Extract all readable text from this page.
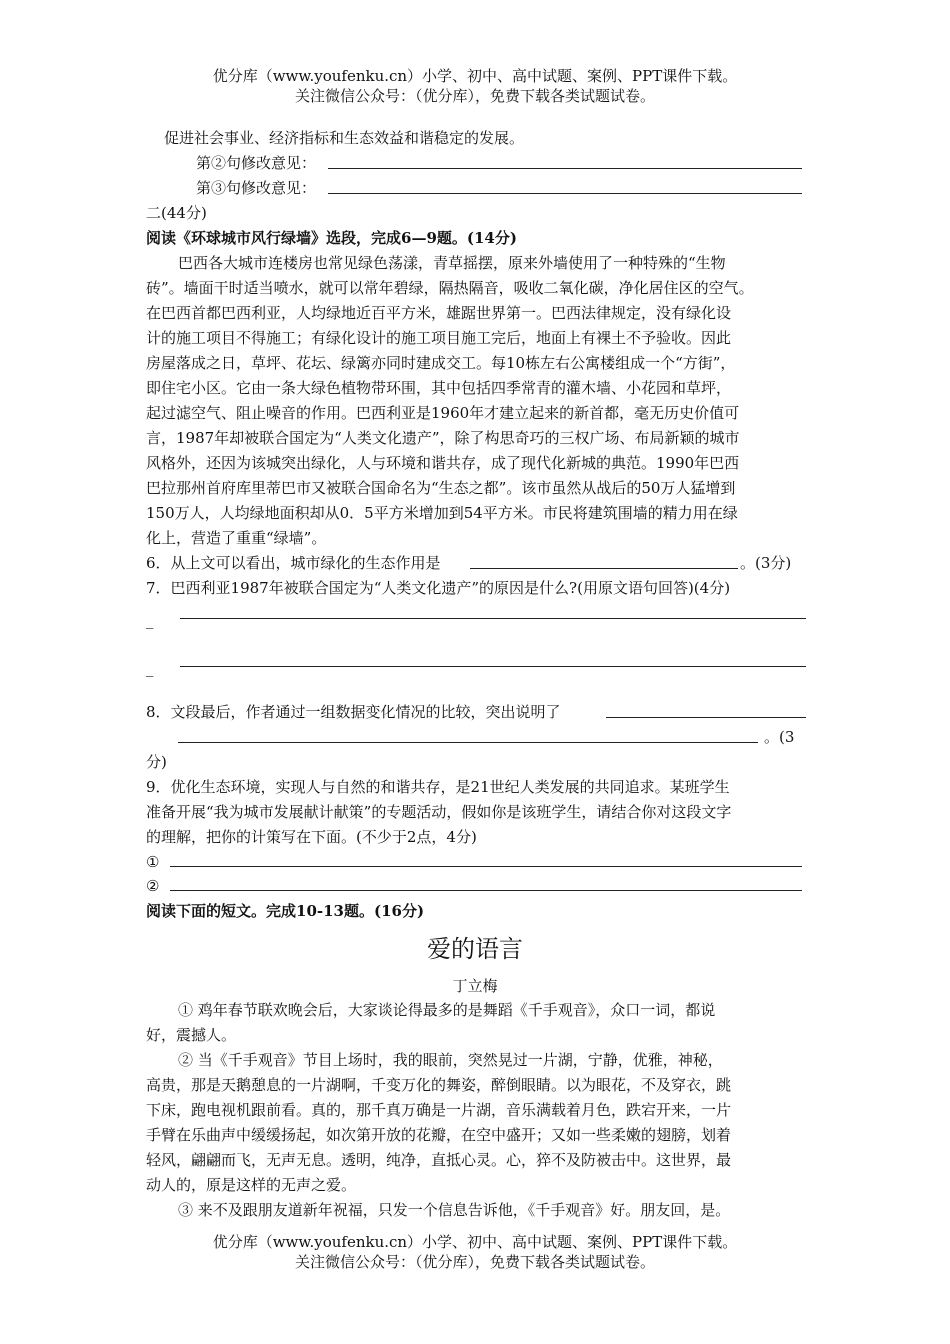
优分库（www.youfenku.cn）小学、初中、高中试题、案例、PPT课件下载。
关注微信公众号：（优分库），免费下载各类试题试卷。
促进社会事业、经济指标和生态效益和谐稳定的发展。
第②句修改意见：
第③句修改意见：
二(44分)
阅读《环球城市风行绿墙》选段，完成6—9题。(14分)
巴西各大城市连楼房也常见绿色荡漾，青草摇摆，原来外墙使用了一种特殊的“生物
砖”。墙面干时适当喷水，就可以常年碧绿，隔热隔音，吸收二氧化碳，净化居住区的空气。
在巴西首都巴西利亚，人均绿地近百平方米，雄踞世界第一。巴西法律规定，没有绿化设
计的施工项目不得施工；有绿化设计的施工项目施工完后，地面上有裸土不予验收。因此
房屋落成之日，草坪、花坛、绿篱亦同时建成交工。每10栋左右公寓楼组成一个“方街”，
即住宅小区。它由一条大绿色植物带环围，其中包括四季常青的灌木墙、小花园和草坪，
起过滤空气、阻止噪音的作用。巴西利亚是1960年才建立起来的新首都，毫无历史价值可
言，1987年却被联合国定为“人类文化遗产”，除了构思奇巧的三权广场、布局新颖的城市
风格外，还因为该城突出绿化，人与环境和谐共存，成了现代化新城的典范。1990年巴西
巴拉那州首府库里蒂巴市又被联合国命名为“生态之都”。该市虽然从战后的50万人猛增到
150万人，人均绿地面积却从0．5平方米增加到54平方米。市民将建筑围墙的精力用在绿
化上，营造了重重“绿墙”。
6．从上文可以看出，城市绿化的生态作用是	。(3分)
7．巴西利亚1987年被联合国定为“人类文化遗产”的原因是什么?(用原文语句回答)(4分)
_
_
8．文段最后，作者通过一组数据变化情况的比较，突出说明了
。(3
分)
9．优化生态环境，实现人与自然的和谐共存，是21世纪人类发展的共同追求。某班学生
准备开展“我为城市发展献计献策”的专题活动，假如你是该班学生，请结合你对这段文字
的理解，把你的计策写在下面。(不少于2点，4分)
①
②
阅读下面的短文。完成10-13题。(16分)
爱的语言
丁立梅
① 鸡年春节联欢晚会后，大家谈论得最多的是舞蹈《千手观音》，众口一词，都说
好，震撼人。
② 当《千手观音》节目上场时，我的眼前，突然晃过一片湖，宁静，优雅，神秘，
高贵，那是天鹅憩息的一片湖啊，千变万化的舞姿，醉倒眼睛。以为眼花，不及穿衣，跳
下床，跑电视机跟前看。真的，那千真万确是一片湖，音乐满载着月色，跌宕开来，一片
手臂在乐曲声中缓缓扬起，如次第开放的花瓣，在空中盛开；又如一些柔嫩的翅膀，划着
轻风，翩翩而飞，无声无息。透明，纯净，直抵心灵。心，猝不及防被击中。这世界，最
动人的，原是这样的无声之爱。
③ 来不及跟朋友道新年祝福，只发一个信息告诉他，《千手观音》好。朋友回，是。
优分库（www.youfenku.cn）小学、初中、高中试题、案例、PPT课件下载。
关注微信公众号：（优分库），免费下载各类试题试卷。
